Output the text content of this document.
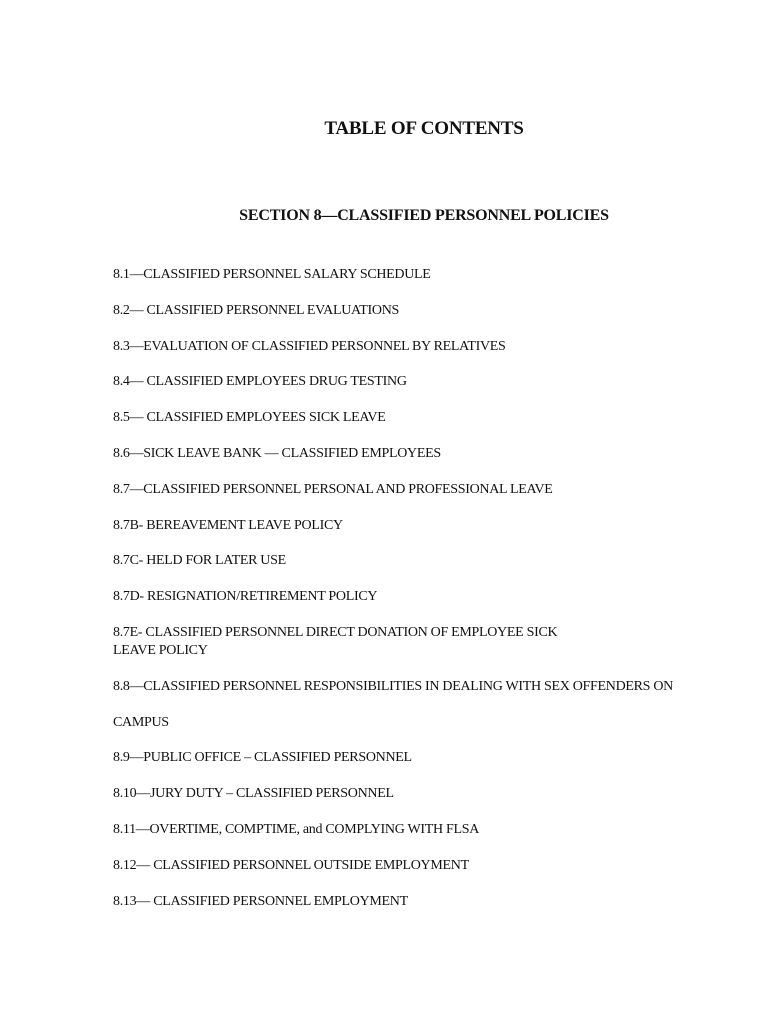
TABLE OF CONTENTS
SECTION 8—CLASSIFIED PERSONNEL POLICIES
8.1—CLASSIFIED PERSONNEL SALARY SCHEDULE
8.2— CLASSIFIED PERSONNEL EVALUATIONS
8.3—EVALUATION OF CLASSIFIED PERSONNEL BY RELATIVES
8.4— CLASSIFIED EMPLOYEES DRUG TESTING
8.5— CLASSIFIED EMPLOYEES SICK LEAVE
8.6—SICK LEAVE BANK — CLASSIFIED EMPLOYEES
8.7—CLASSIFIED PERSONNEL PERSONAL AND PROFESSIONAL LEAVE
8.7B- BEREAVEMENT LEAVE POLICY
8.7C- HELD FOR LATER USE
8.7D- RESIGNATION/RETIREMENT POLICY
8.7E- CLASSIFIED PERSONNEL DIRECT DONATION OF EMPLOYEE SICK
LEAVE POLICY
8.8—CLASSIFIED PERSONNEL RESPONSIBILITIES IN DEALING WITH SEX OFFENDERS ON
CAMPUS
8.9—PUBLIC OFFICE – CLASSIFIED PERSONNEL
8.10—JURY DUTY – CLASSIFIED PERSONNEL
8.11—OVERTIME, COMPTIME, and COMPLYING WITH FLSA
8.12— CLASSIFIED PERSONNEL OUTSIDE EMPLOYMENT
8.13— CLASSIFIED PERSONNEL EMPLOYMENT
